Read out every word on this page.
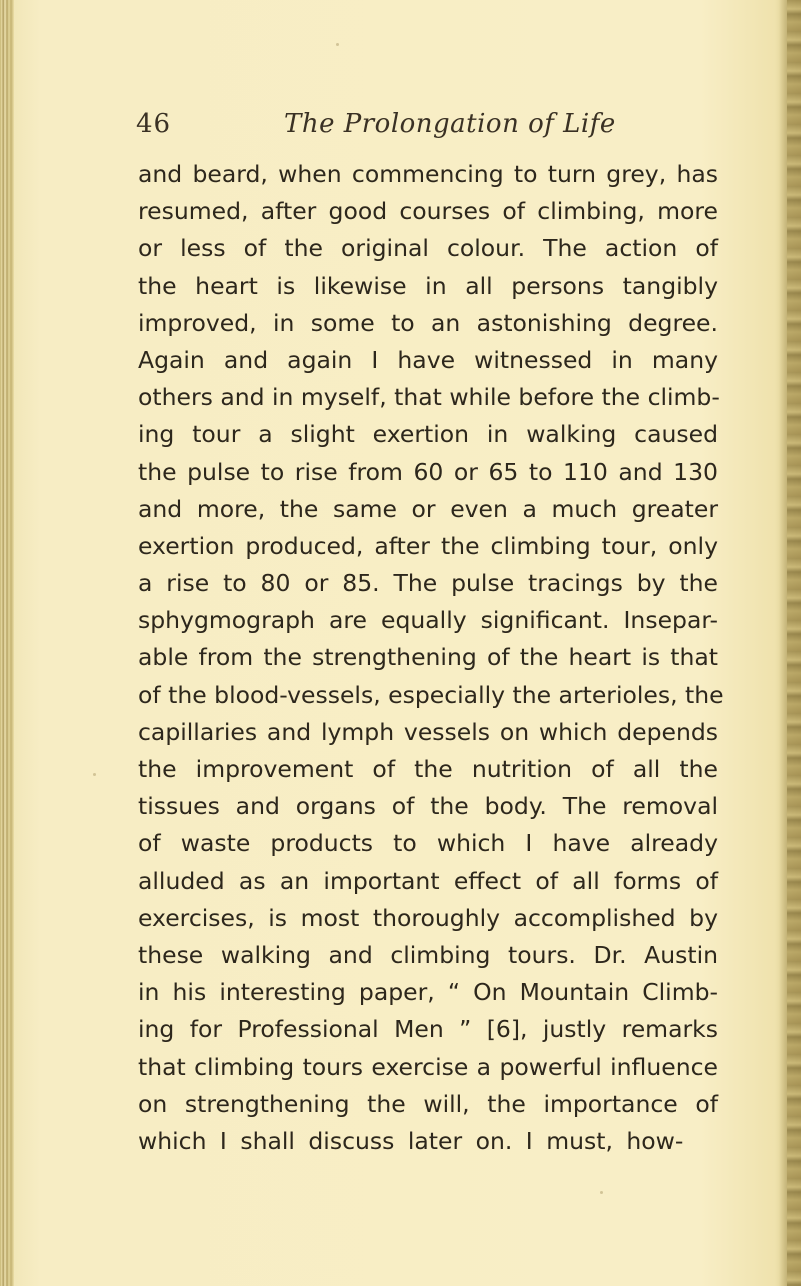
46	The Prolongation of Life
and beard, when commencing to turn grey, has
resumed, after good courses of climbing, more
or less of the original colour. The action of
the heart is likewise in all persons tangibly
improved, in some to an astonishing degree.
Again and again I have witnessed in many
others and in myself, that while before the climb-
ing tour a slight exertion in walking caused
the pulse to rise from 60 or 65 to 110 and 130
and more, the same or even a much greater
exertion produced, after the climbing tour, only
a rise to 80 or 85. The pulse tracings by the
sphygmograph are equally significant. Insepar-
able from the strengthening of the heart is that
of the blood-vessels, especially the arterioles, the
capillaries and lymph vessels on which depends
the improvement of the nutrition of all the
tissues and organs of the body. The removal
of waste products to which I have already
alluded as an important effect of all forms of
exercises, is most thoroughly accomplished by
these walking and climbing tours. Dr. Austin
in his interesting paper, “ On Mountain Climb-
ing for Professional Men ” [6], justly remarks
that climbing tours exercise a powerful influence
on strengthening the will, the importance of
which I shall discuss later on. I must, how-
